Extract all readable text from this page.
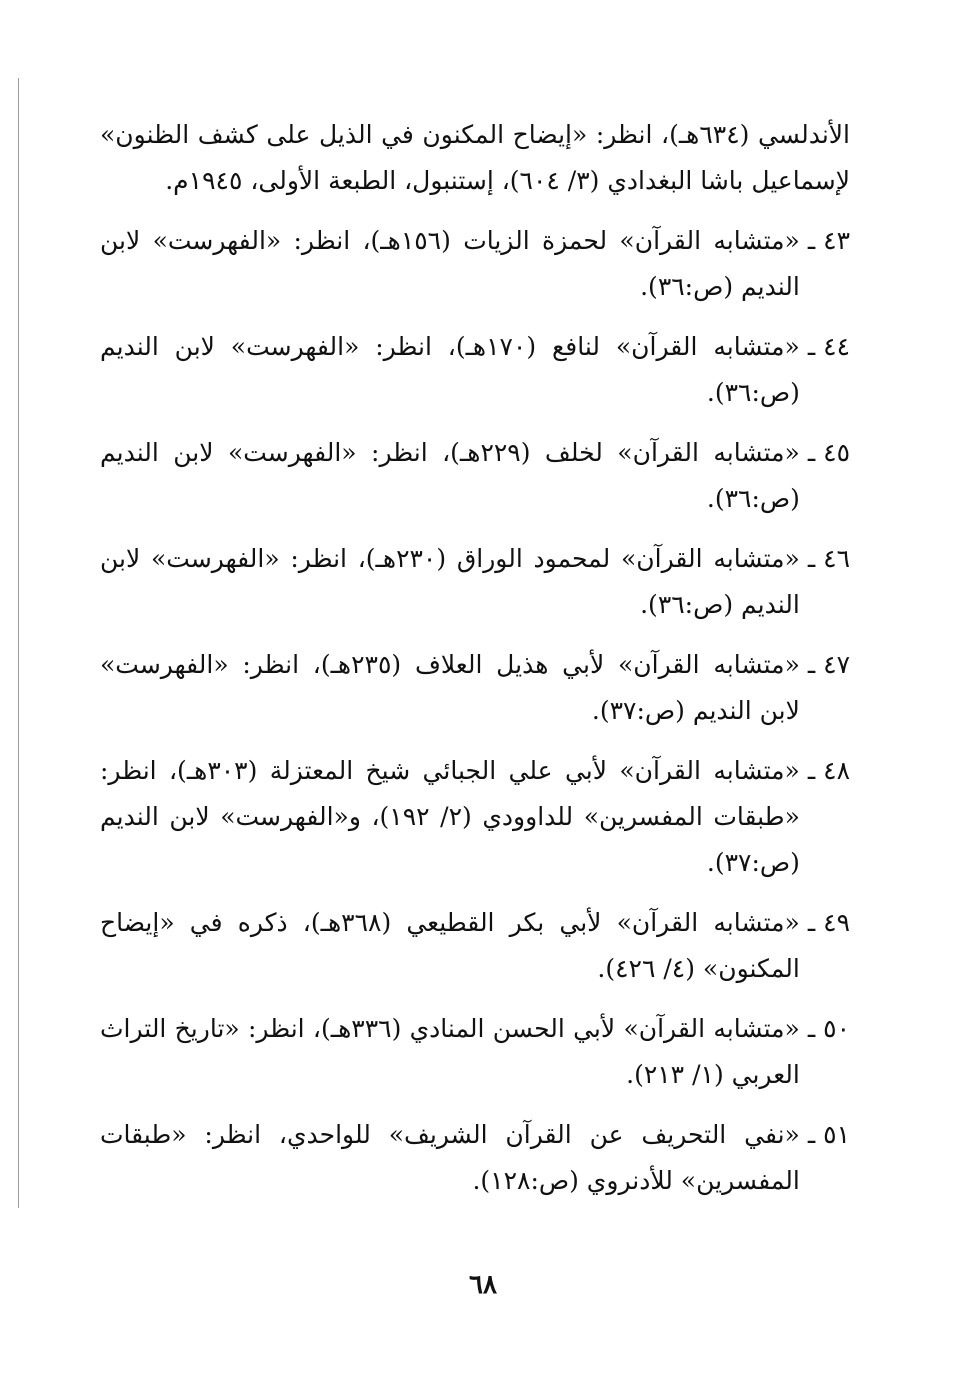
الأندلسي (٦٣٤هـ)، انظر: «إيضاح المكنون في الذيل على كشف الظنون» لإسماعيل باشا البغدادي (٣/ ٦٠٤)، إستنبول، الطبعة الأولى، ١٩٤٥م.

٤٣ ـ
«متشابه القرآن» لحمزة الزيات (١٥٦هـ)، انظر: «الفهرست» لابن النديم (ص:٣٦).
٤٤ ـ
«متشابه القرآن» لنافع (١٧٠هـ)، انظر: «الفهرست» لابن النديم (ص:٣٦).
٤٥ ـ
«متشابه القرآن» لخلف (٢٢٩هـ)، انظر: «الفهرست» لابن النديم (ص:٣٦).
٤٦ ـ
«متشابه القرآن» لمحمود الوراق (٢٣٠هـ)، انظر: «الفهرست» لابن النديم (ص:٣٦).
٤٧ ـ
«متشابه القرآن» لأبي هذيل العلاف (٢٣٥هـ)، انظر: «الفهرست» لابن النديم (ص:٣٧).
٤٨ ـ
«متشابه القرآن» لأبي علي الجبائي شيخ المعتزلة (٣٠٣هـ)، انظر: «طبقات المفسرين» للداوودي (٢/ ١٩٢)، و«الفهرست» لابن النديم (ص:٣٧).
٤٩ ـ
«متشابه القرآن» لأبي بكر القطيعي (٣٦٨هـ)، ذكره في «إيضاح المكنون» (٤/ ٤٢٦).
٥٠ ـ
«متشابه القرآن» لأبي الحسن المنادي (٣٣٦هـ)، انظر: «تاريخ التراث العربي (١/ ٢١٣).
٥١ ـ
«نفي التحريف عن القرآن الشريف» للواحدي، انظر: «طبقات المفسرين» للأدنروي (ص:١٢٨).
٦٨
